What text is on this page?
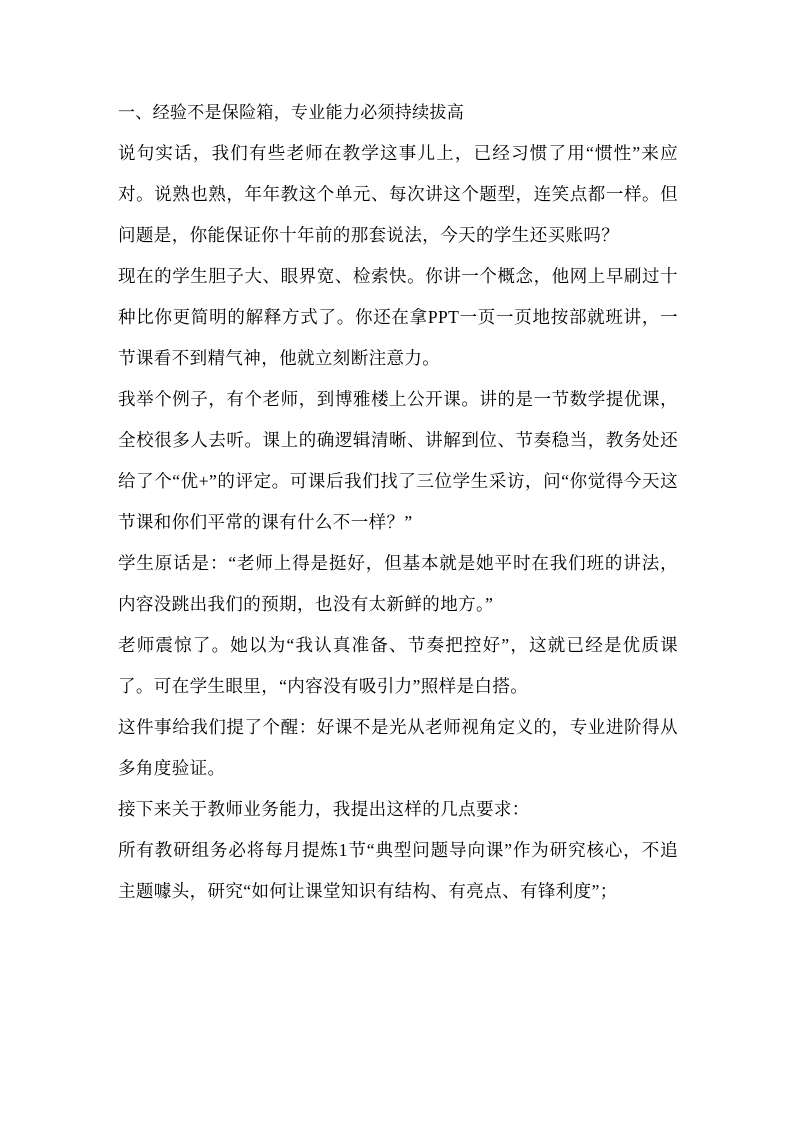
一、经验不是保险箱，专业能力必须持续拔高

说句实话，我们有些老师在教学这事儿上，已经习惯了用“惯性”来应对。说熟也熟，年年教这个单元、每次讲这个题型，连笑点都一样。但问题是，你能保证你十年前的那套说法，今天的学生还买账吗？

现在的学生胆子大、眼界宽、检索快。你讲一个概念，他网上早刷过十种比你更简明的解释方式了。你还在拿PPT一页一页地按部就班讲，一节课看不到精气神，他就立刻断注意力。

我举个例子，有个老师，到博雅楼上公开课。讲的是一节数学提优课，全校很多人去听。课上的确逻辑清晰、讲解到位、节奏稳当，教务处还给了个“优+”的评定。可课后我们找了三位学生采访，问“你觉得今天这节课和你们平常的课有什么不一样？”

学生原话是：“老师上得是挺好，但基本就是她平时在我们班的讲法，内容没跳出我们的预期，也没有太新鲜的地方。”

老师震惊了。她以为“我认真准备、节奏把控好”，这就已经是优质课了。可在学生眼里，“内容没有吸引力”照样是白搭。

这件事给我们提了个醒：好课不是光从老师视角定义的，专业进阶得从多角度验证。

接下来关于教师业务能力，我提出这样的几点要求：

所有教研组务必将每月提炼1节“典型问题导向课”作为研究核心，不追主题噱头，研究“如何让课堂知识有结构、有亮点、有锋利度”；
